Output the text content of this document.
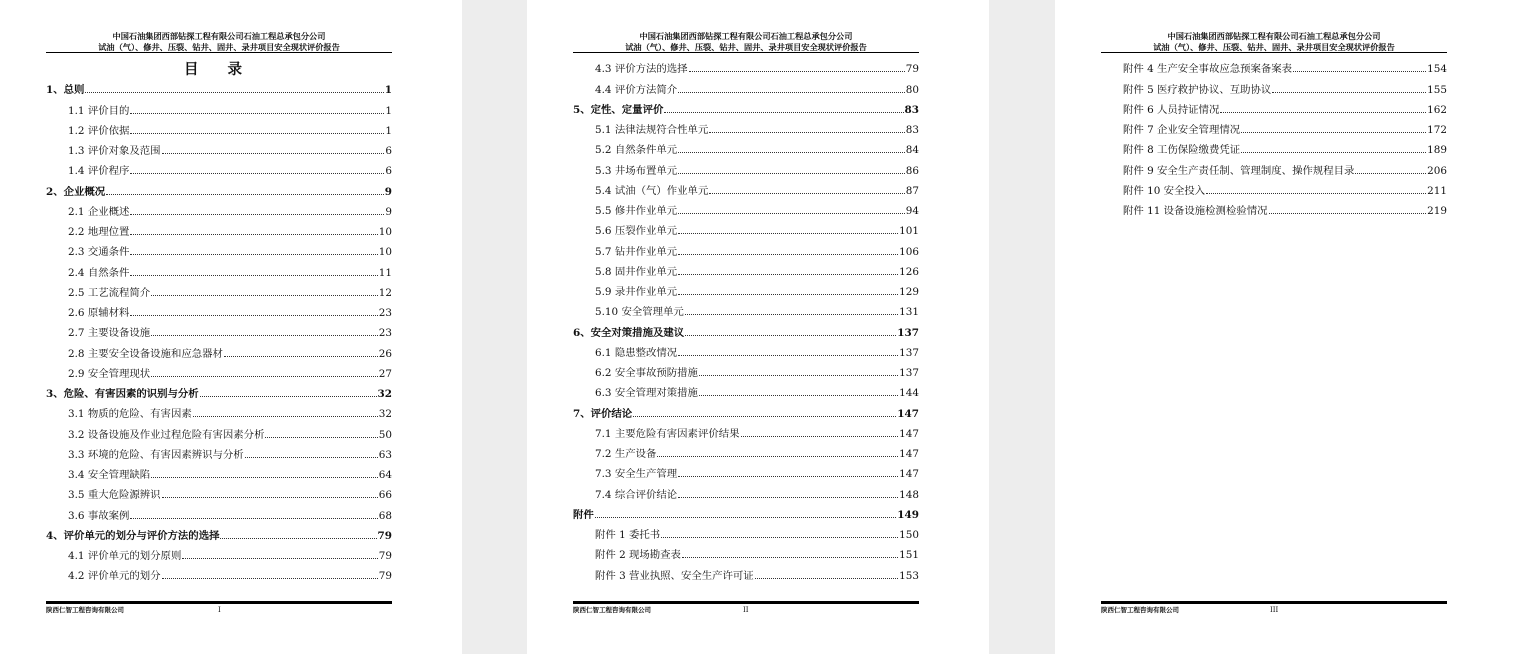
中国石油集团西部钻探工程有限公司石油工程总承包分公司
试油（气）、修井、压裂、钻井、固井、录井项目安全现状评价报告
目 录
1、总则	1
1.1 评价目的	1
1.2 评价依据	1
1.3 评价对象及范围	6
1.4 评价程序	6
2、企业概况	9
2.1 企业概述	9
2.2 地理位置	10
2.3 交通条件	10
2.4 自然条件	11
2.5 工艺流程简介	12
2.6 原辅材料	23
2.7 主要设备设施	23
2.8 主要安全设备设施和应急器材	26
2.9 安全管理现状	27
3、危险、有害因素的识别与分析	32
3.1 物质的危险、有害因素	32
3.2 设备设施及作业过程危险有害因素分析	50
3.3 环境的危险、有害因素辨识与分析	63
3.4 安全管理缺陷	64
3.5 重大危险源辨识	66
3.6 事故案例	68
4、评价单元的划分与评价方法的选择	79
4.1 评价单元的划分原则	79
4.2 评价单元的划分	79
陕西仁智工程咨询有限公司	I
中国石油集团西部钻探工程有限公司石油工程总承包分公司
试油（气）、修井、压裂、钻井、固井、录井项目安全现状评价报告
4.3 评价方法的选择	79
4.4 评价方法简介	80
5、定性、定量评价	83
5.1 法律法规符合性单元	83
5.2 自然条件单元	84
5.3 井场布置单元	86
5.4 试油（气）作业单元	87
5.5 修井作业单元	94
5.6 压裂作业单元	101
5.7 钻井作业单元	106
5.8 固井作业单元	126
5.9 录井作业单元	129
5.10 安全管理单元	131
6、安全对策措施及建议	137
6.1 隐患整改情况	137
6.2 安全事故预防措施	137
6.3 安全管理对策措施	144
7、评价结论	147
7.1 主要危险有害因素评价结果	147
7.2 生产设备	147
7.3 安全生产管理	147
7.4 综合评价结论	148
附件	149
附件 1 委托书	150
附件 2 现场勘查表	151
附件 3 营业执照、安全生产许可证	153
陕西仁智工程咨询有限公司	II
中国石油集团西部钻探工程有限公司石油工程总承包分公司
试油（气）、修井、压裂、钻井、固井、录井项目安全现状评价报告
附件 4 生产安全事故应急预案备案表	154
附件 5 医疗救护协议、互助协议	155
附件 6 人员持证情况	162
附件 7 企业安全管理情况	172
附件 8 工伤保险缴费凭证	189
附件 9 安全生产责任制、管理制度、操作规程目录	206
附件 10 安全投入	211
附件 11 设备设施检测检验情况	219
陕西仁智工程咨询有限公司	III
